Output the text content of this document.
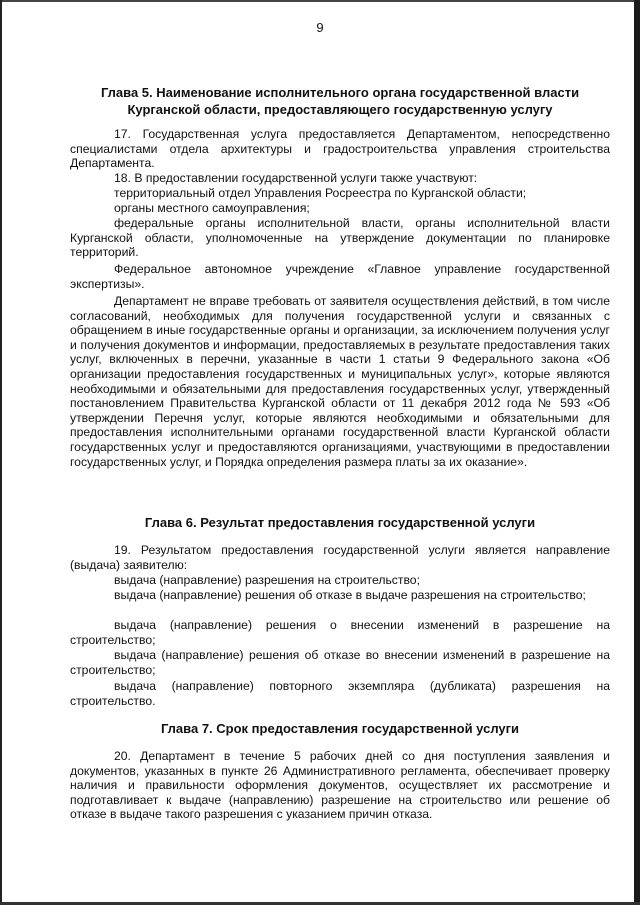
9
Глава 5. Наименование исполнительного органа государственной власти
Курганской области, предоставляющего государственную услугу

17. Государственная услуга предоставляется Департаментом, непосредственно специалистами отдела архитектуры и градостроительства управления строительства Департамента.

18. В предоставлении государственной услуги также участвуют:

территориальный отдел Управления Росреестра по Курганской области;

органы местного самоуправления;

федеральные органы исполнительной власти, органы исполнительной власти Курганской области, уполномоченные на утверждение документации по планировке территорий.

Федеральное автономное учреждение «Главное управление государственной экспертизы».

Департамент не вправе требовать от заявителя осуществления действий, в том числе согласований, необходимых для получения государственной услуги и связанных с обращением в иные государственные органы и организации, за исключением получения услуг и получения документов и информации, предоставляемых в результате предоставления таких услуг, включенных в перечни, указанные в части 1 статьи 9 Федерального закона «Об организации предоставления государственных и муниципальных услуг», которые являются необходимыми и обязательными для предоставления государственных услуг, утвержденный постановлением Правительства Курганской области от 11 декабря 2012 года № 593 «Об утверждении Перечня услуг, которые являются необходимыми и обязательными для предоставления исполнительными органами государственной власти Курганской области государственных услуг и предоставляются организациями, участвующими в предоставлении государственных услуг, и Порядка определения размера платы за их оказание».

Глава 6. Результат предоставления государственной услуги

19. Результатом предоставления государственной услуги является направление (выдача) заявителю:

выдача (направление) разрешения на строительство;

выдача (направление) решения об отказе в выдаче разрешения на строительство;

выдача (направление) решения о внесении изменений в разрешение на строительство;

выдача (направление) решения об отказе во внесении изменений в разрешение на строительство;

выдача (направление) повторного экземпляра (дубликата) разрешения на строительство.

Глава 7. Срок предоставления государственной услуги

20. Департамент в течение 5 рабочих дней со дня поступления заявления и документов, указанных в пункте 26 Административного регламента, обеспечивает проверку наличия и правильности оформления документов, осуществляет их рассмотрение и подготавливает к выдаче (направлению) разрешение на строительство или решение об отказе в выдаче такого разрешения с указанием причин отказа.
